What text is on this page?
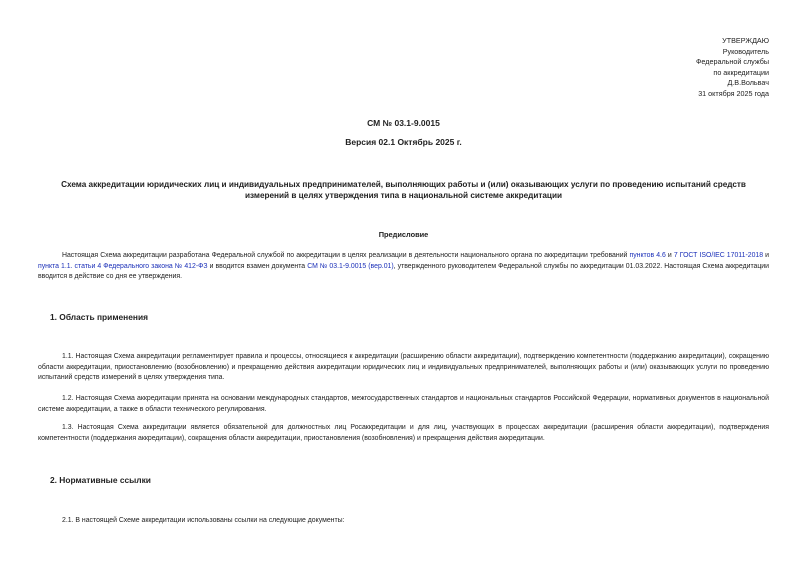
УТВЕРЖДАЮ
Руководитель
Федеральной службы
по аккредитации
Д.В.Вольвач
31 октября 2025 года
СМ № 03.1-9.0015
Версия 02.1 Октябрь 2025 г.
Схема аккредитации юридических лиц и индивидуальных предпринимателей, выполняющих работы и (или) оказывающих услуги по проведению испытаний средств измерений в целях утверждения типа в национальной системе аккредитации
Предисловие
Настоящая Схема аккредитации разработана Федеральной службой по аккредитации в целях реализации в деятельности национального органа по аккредитации требований пунктов 4.6 и 7 ГОСТ ISO/IEC 17011-2018 и пункта 1.1. статьи 4 Федерального закона № 412-ФЗ и вводится взамен документа СМ № 03.1-9.0015 (вер.01), утвержденного руководителем Федеральной службы по аккредитации 01.03.2022. Настоящая Схема аккредитации вводится в действие со дня ее утверждения.
1. Область применения
1.1. Настоящая Схема аккредитации регламентирует правила и процессы, относящиеся к аккредитации (расширению области аккредитации), подтверждению компетентности (поддержанию аккредитации), сокращению области аккредитации, приостановлению (возобновлению) и прекращению действия аккредитации юридических лиц и индивидуальных предпринимателей, выполняющих работы и (или) оказывающих услуги по проведению испытаний средств измерений в целях утверждения типа.
1.2. Настоящая Схема аккредитации принята на основании международных стандартов, межгосударственных стандартов и национальных стандартов Российской Федерации, нормативных документов в национальной системе аккредитации, а также в области технического регулирования.
1.3. Настоящая Схема аккредитации является обязательной для должностных лиц Росаккредитации и для лиц, участвующих в процессах аккредитации (расширения области аккредитации), подтверждения компетентности (поддержания аккредитации), сокращения области аккредитации, приостановления (возобновления) и прекращения действия аккредитации.
2. Нормативные ссылки
2.1. В настоящей Схеме аккредитации использованы ссылки на следующие документы:
